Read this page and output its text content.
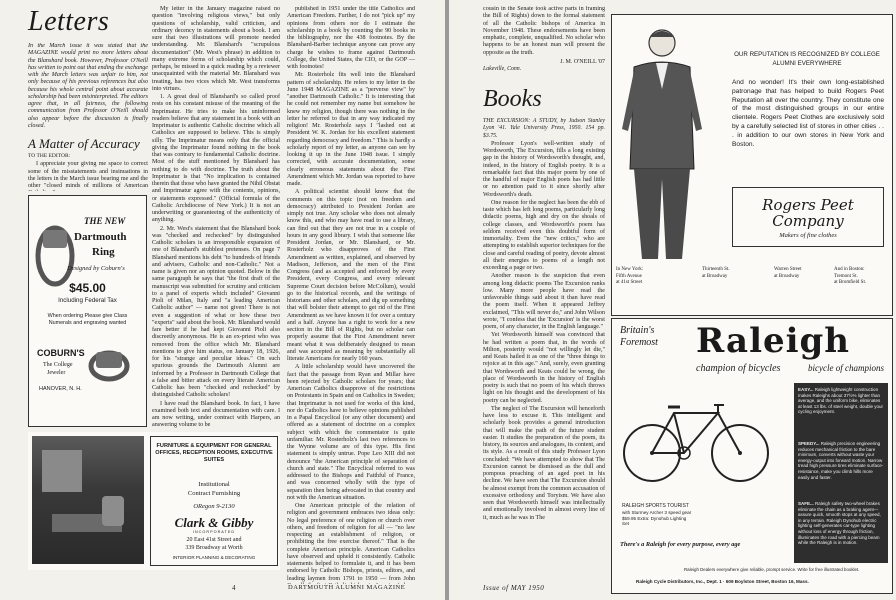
Letters
In the March issue it was stated that the MAGAZINE would print no more letters about the Blanshard book. However, Professor O'Neill has written to point out that ending the exchange with the March letters was unfair to him, not only because of his previous references but also because his whole central point about accurate scholarship had been misinterpreted. The editors agree that, in all fairness, the following communication from Professor O'Neill should also appear before the discussion is finally closed.
A Matter of Accuracy

TO THE EDITOR:

I appreciate your giving me space to correct some of the misstatements and insinuations in the letters in the March issue bearing me and the other "closed minds of millions of American

THE NEW
Dartmouth
Ring
Designed by Coburn's
$45.00
Including Federal Tax
When ordering Please give Class Numerals and engraving wanted
COBURN'S
The College
Jeweler
HANOVER, N. H.

My letter in the January magazine raised no question "involving religious views," but only questions of scholarship, valid criticism, and ordinary decency in statements about a book. I am sure that two illustrations will promote needed understanding. Mr. Blanshard's "scrupulous documentation" (Mr. West's phrase) in addition to many extreme forms of scholarship which could, perhaps, be missed in a quick reading by a reviewer unacquainted with the material Mr. Blanshard was treating, has two vices which Mr. West transforms into virtues.

1. A great deal of Blanshard's so called proof rests on his constant misuse of the meaning of the Imprimatur. He tries to make his uninformed readers believe that any statement in a book with an Imprimatur is authentic Catholic doctrine which all Catholics are supposed to believe. This is simply silly. The Imprimatur means only that the official giving the Imprimatur found nothing in the book that was contrary to fundamental Catholic doctrine. Most of the stuff mentioned by Blanshard has nothing to do with doctrine. The truth about the Imprimatur is that "No implication is contained therein that those who have granted the Nihil Obstat and Imprimatur agree with the contents, opinions, or statements expressed." (Official formula of the Catholic Archdiocese of New York.) It is not an underwriting or guaranteeing of the authenticity of anything.

2. Mr. West's statement that the Blanshard book was "checked and rechecked" by distinguished Catholic scholars is an irresponsible expansion of one of Blanshard's stubblest pretenses. On page 7 Blanshard mentions his debt "to hundreds of friends and advisers, Catholic and non-Catholic." Not a name is given nor an opinion quoted. Below in the same paragraph he says that "the first draft of the manuscript was submitted for scrutiny and criticism to a panel of experts which included" Giovanni Pioli of Milan, Italy and "a leading American Catholic author" — name not given! There is not even a suggestion of what or how these two "experts" said about the book. Mr. Blanshard would fare better if he had kept Giovanni Pioli also discreetly anonymous. He is an ex-priest who was removed from the office which Mr. Blanshard mentions to give him status, on January 18, 1926, for his "strange and peculiar ideas." On such spurious grounds the Dartmouth Alumni are informed by a Professor in Dartmouth College that a false and bitter attack on every literate American Catholic has been "checked and rechecked" by distinguished Catholic scholars!

I have read the Blanshard book. In fact, I have examined both text and documentation with care. I am now writing, under contract with Harpers, an answering volume to be

published in 1951 under the title Catholics and American Freedom. Further, I do not "pick up" my opinions from others nor do I estimate the scholarship in a book by counting the 90 books in the bibliography, nor the 438 footnotes. By the Blanshard-Barber technique anyone can prove any charge he wishes to frame against Dartmouth College, the United States, the CIO, or the GOP — with footnotes!

Mr. Rosterholz fits well into the Blanshard pattern of scholarship. He refers to my letter in the June 1948 MAGAZINE as a "perverse view" by "another Dartmouth Catholic." It is interesting that he could not remember my name but somehow he knew my religion, though there was nothing in the letter he referred to that in any way indicated my religion! Mr. Rosterholz says I "lashed out at President W. K. Jordan for his excellent statement regarding democracy and freedom." This is hardly a scholarly report of my letter, as anyone can see by looking it up in the June 1948 issue. I simply corrected, with accurate documentation, some clearly erroneous statements about the First Amendment which Mr. Jordan was reported to have made.

A political scientist should know that the comments on this topic (not on freedom and democracy) attributed to President Jordan are simply not true. Any scholar who does not already know this, and who may have read to use a library, can find out that they are not true in a couple of hours in any good library. I wish that someone like President Jordan, or Mr. Blanshard, or Mr. Rosterholz who disapproves of the First Amendment as written, explained, and observed by Madison, Jefferson, and the men of the First Congress (and as accepted and enforced by every President, every Congress, and every relevant Supreme Court decision before McCollum), would go to the historical records, and the writings of historians and other scholars, and dig up something that will bolster their attempt to get rid of the First Amendment as we have known it for over a century and a half. Anyone has a right to work for a new section in the Bill of Rights, but no scholar can properly assume that the First Amendment never meant what it was deliberately designed to mean and was accepted as meaning by substantially all literate Americans for nearly 160 years.

A little scholarship would have uncovered the fact that the passage from Ryan and Millar have been rejected by Catholic scholars for years; that American Catholics disapprove of the restrictions on Protestants in Spain and on Catholics in Sweden; that Imprimatur is not used for works of this kind, nor do Catholics have to believe opinions published in a Papal Encyclical (or any other document) and offered as a statement of doctrine on a complex subject with which the commentator is quite unfamiliar. Mr. Rosterholz's last two references to the Wynne volume are of this type. His first statement is simply untrue. Pope Leo XIII did not denounce "the American principle of separation of church and state." The Encyclical referred to was addressed to the Bishops and Faithful of France, and was concerned wholly with the type of separation then being advocated in that country and not with the American situation.

One American principle of the relation of religion and government embraces two ideas only: No legal preference of one religion or church over others, and freedom of religion for all — "no law respecting an establishment of religion, or prohibiting the free exercise thereof." That is the complete American principle. American Catholics have observed and upheld it consistently. Catholic statements helped to formulate it, and it has been endorsed by Catholic Bishops, priests, editors, and leading laymen from 1791 to 1950 — from John

FURNITURE & EQUIPMENT FOR GENERAL OFFICES, RECEPTION ROOMS, EXECUTIVE SUITES
Institutional
Contract Furnishing
ORegon 9-2130
Clark & Gibby
INCORPORATED
20 East 41st Street and
339 Broadway at Worth
INTERIOR PLANNING & DECORATING
4	DARTMOUTH ALUMNI MAGAZINE

cousin in the Senate took active parts in framing the Bill of Rights) down to the formal statement of all the Catholic bishops of America in November 1948. These endorsements have been emphatic, complete, unqualified. No scholar who happens to be an honest man will present the opposite as the truth.

J. M. O'NEILL '07
Lakeville, Conn.
Books

THE EXCURSION: A STUDY, by Judson Stanley Lyon '41. Yale University Press, 1950. 154 pp. $3.75.

Professor Lyon's well-written study of Wordsworth, The Excursion, fills a long existing gap in the history of Wordsworth's thought, and, indeed, in the history of English poetry. It is a remarkable fact that this major poem by one of the handful of major English poets has had little or no attention paid to it since shortly after Wordsworth's death.

One reason for the neglect has been the ebb of taste which has left long poems, particularly long didactic poems, high and dry on the shoals of college classes, and Wordsworth's poem has seldom received even this doubtful form of immortality. Even the "new critics," who are attempting to establish superior techniques for the close and careful reading of poetry, devote almost all their energies to poems of a length not exceeding a page or two.

Another reason is the suspicion that even among long didactic poems The Excursion ranks low. Many more people have read the unfavorable things said about it than have read the poem itself. When it appeared Jeffrey exclaimed, "This will never do," and John Wilson wrote, "I confess that the 'Excursion' is the worst poem, of any character, in the English language."

Yet Wordsworth himself was convinced that he had written a poem that, in the words of Milton, posterity would "not willingly let die," and Keats hailed it as one of the "three things to rejoice at in this age." And, surely, even granting that Wordsworth and Keats could be wrong, the place of Wordsworth in the history of English poetry is such that no poem of his which throws light on his thought and the development of his poetry can be neglected.

The neglect of The Excursion will henceforth have less to excuse it. This intelligent and scholarly book provides a general introduction that will make the path of the future student easier. It studies the preparation of the poem, its history, its sources and analogues, its content, and its style. As a result of this study Professor Lyon concluded: "We have attempted to show that The Excursion cannot be dismissed as the dull and pompous preaching of an aged poet in his decline. We have seen that The Excursion should be almost exempt from the common accusation of excessive orthodoxy and Toryism. We have also seen that Wordsworth himself was intellectually and emotionally involved in almost every line of it, much as he was in The

Issue of MAY 1950
OUR REPUTATION IS RECOGNIZED BY COLLEGE ALUMNI EVERYWHERE
And no wonder! It's their own long-established patronage that has helped to build Rogers Peet Reputation all over the country. They constitute one of the most distinguished groups in our entire clientele. Rogers Peet Clothes are exclusively sold by a carefully selected list of stores in other cities . . . in addition to our own stores in New York and Boston.
Rogers Peet
Company
Makers of fine clothes
In New York:
Fifth Avenue
at 41st Street
Thirteenth St.
at Broadway
Warren Street
at Broadway
And in Boston:
Tremont St.
at Bromfield St.
Britain's
Foremost Raleigh
champion of bicycles	bicycle of champions
RALEIGH SPORTS TOURIST
with Sturmey Archer 3 speed gear $59.95 Extra: Dynohub Lighting Set
There's a Raleigh for every purpose, every age
EASY... Raleigh lightweight construction makes Raleighs about 37½% lighter than average, and the uniform bike, eliminates at least 13 lbs. of steel weight, double your cycling enjoyment.
SPEEDY... Raleigh precision engineering reduces mechanical friction to the bare minimum, converts without waste your energy-output into forward motion. Narrow tread high pressure tires eliminate surface-resistance, make you climb hills more easily and faster.
SAFE... Raleigh safety two-wheel brakes eliminate the chain as a braking agent—assure quick, smooth stops at any speed, in any terrain. Raleigh Dynohub electric lighting self-generates car-type lighting without loss of energy through friction, illuminates the road with a piercing beam while the Raleigh is in motion.
Raleigh Dealers everywhere give reliable, prompt service. Write for free illustrated booklet.
Raleigh Cycle Distributors, Inc., Dept. 1 · 609 Boylston Street, Boston 16, Mass.
